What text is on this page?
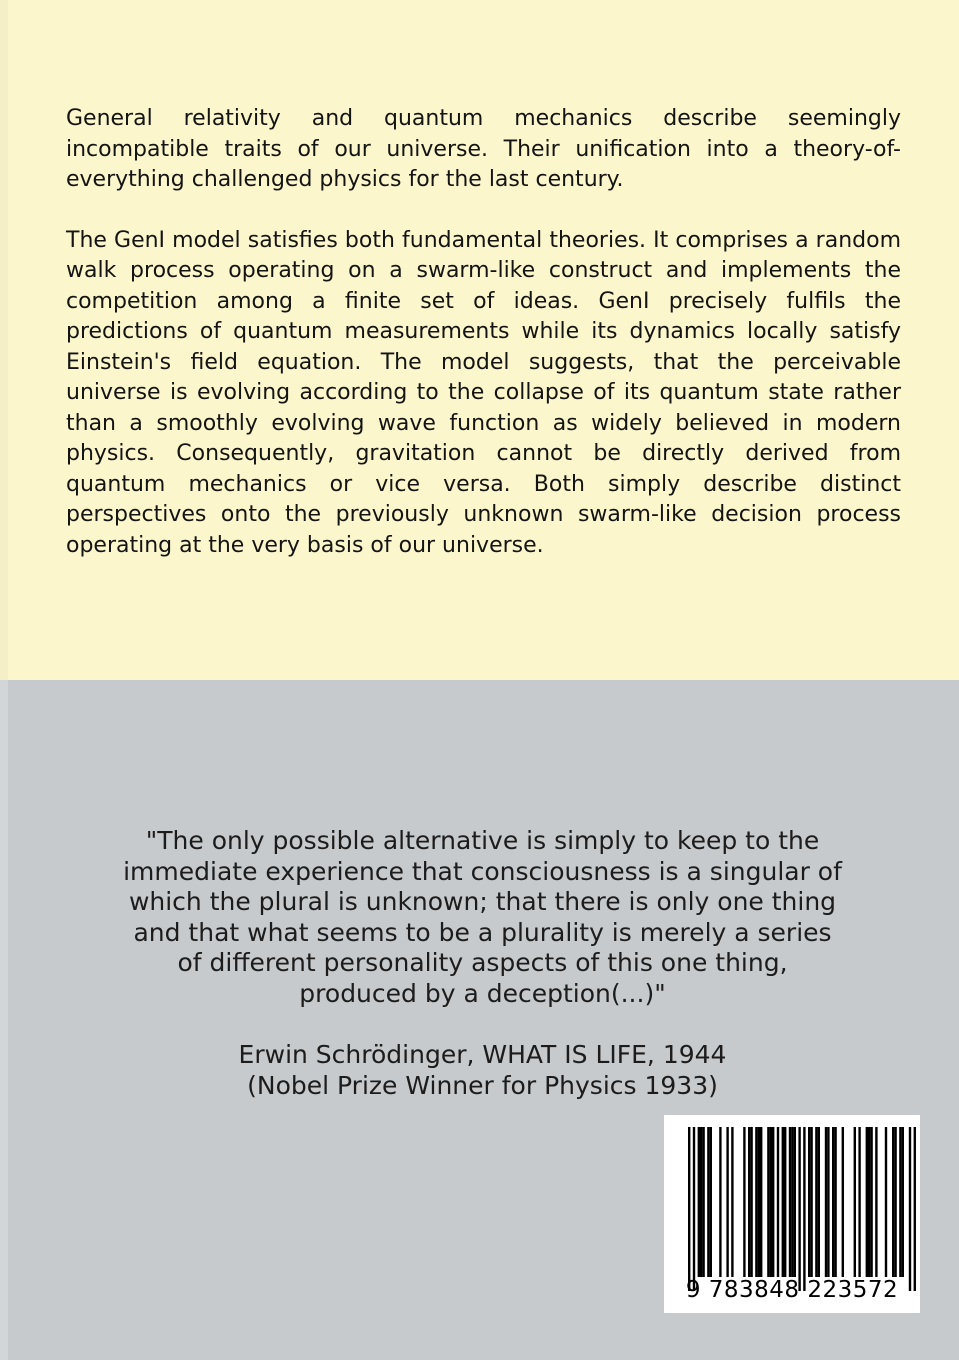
General relativity and quantum mechanics describe seemingly incompatible traits of our universe. Their unification into a theory-of-everything challenged physics for the last century.

The GenI model satisfies both fundamental theories. It comprises a random walk process operating on a swarm-like construct and implements the competition among a finite set of ideas. GenI precisely fulfils the predictions of quantum measurements while its dynamics locally satisfy Einstein's field equation. The model suggests, that the perceivable universe is evolving according to the collapse of its quantum state rather than a smoothly evolving wave function as widely believed in modern physics. Consequently, gravitation cannot be directly derived from quantum mechanics or vice versa. Both simply describe distinct perspectives onto the previously unknown swarm-like decision process operating at the very basis of our universe.

"The only possible alternative is simply to keep to the immediate experience that consciousness is a singular of which the plural is unknown; that there is only one thing and that what seems to be a plurality is merely a series of different personality aspects of this one thing, produced by a deception(...)"
Erwin Schrödinger, WHAT IS LIFE, 1944
(Nobel Prize Winner for Physics 1933)
9 783848 223572
